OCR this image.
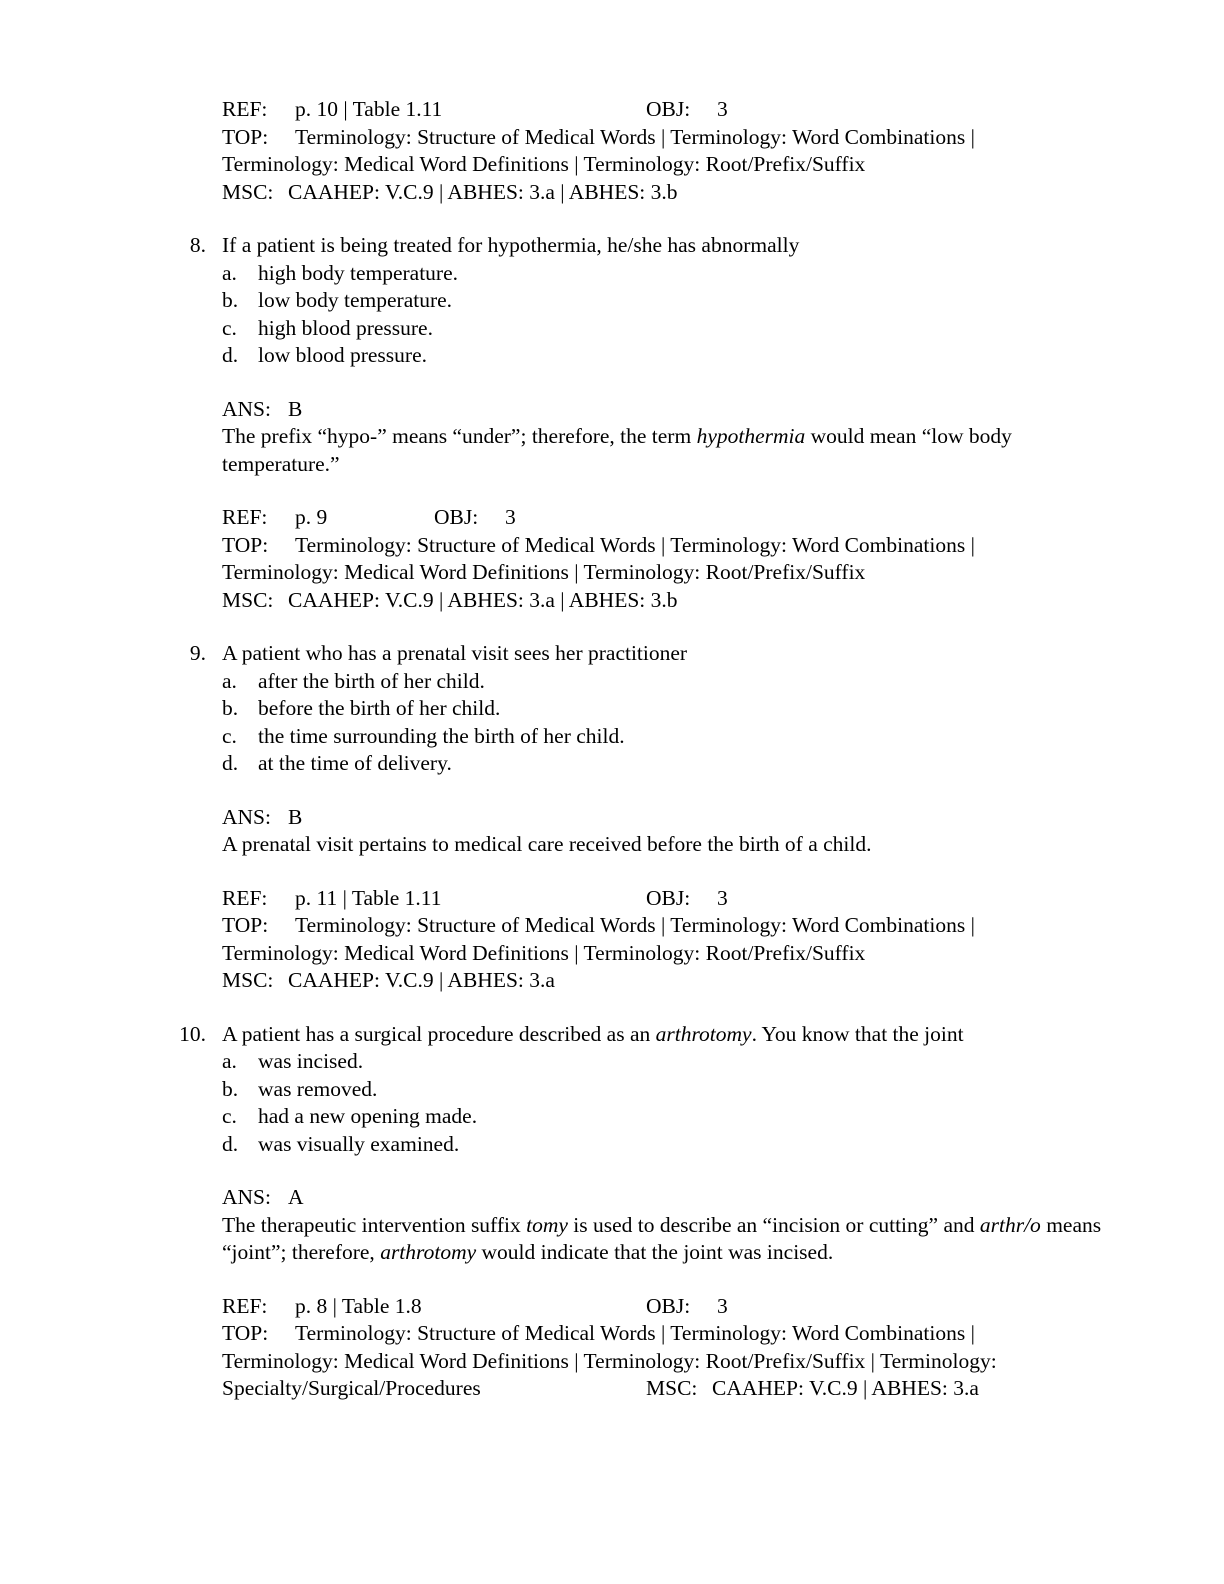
REF: p. 10 | Table 1.11	OBJ: 3
TOP: Terminology: Structure of Medical Words | Terminology: Word Combinations |
Terminology: Medical Word Definitions | Terminology: Root/Prefix/Suffix
MSC: CAAHEP: V.C.9 | ABHES: 3.a | ABHES: 3.b
8. If a patient is being treated for hypothermia, he/she has abnormally
a. high body temperature.
b. low body temperature.
c. high blood pressure.
d. low blood pressure.
ANS: B
The prefix “hypo-” means “under”; therefore, the term hypothermia would mean “low body temperature.”
REF: p. 9	OBJ: 3
TOP: Terminology: Structure of Medical Words | Terminology: Word Combinations |
Terminology: Medical Word Definitions | Terminology: Root/Prefix/Suffix
MSC: CAAHEP: V.C.9 | ABHES: 3.a | ABHES: 3.b
9. A patient who has a prenatal visit sees her practitioner
a. after the birth of her child.
b. before the birth of her child.
c. the time surrounding the birth of her child.
d. at the time of delivery.
ANS: B
A prenatal visit pertains to medical care received before the birth of a child.
REF: p. 11 | Table 1.11	OBJ: 3
TOP: Terminology: Structure of Medical Words | Terminology: Word Combinations |
Terminology: Medical Word Definitions | Terminology: Root/Prefix/Suffix
MSC: CAAHEP: V.C.9 | ABHES: 3.a
10. A patient has a surgical procedure described as an arthrotomy. You know that the joint
a. was incised.
b. was removed.
c. had a new opening made.
d. was visually examined.
ANS: A
The therapeutic intervention suffix tomy is used to describe an “incision or cutting” and arthr/o means “joint”; therefore, arthrotomy would indicate that the joint was incised.
REF: p. 8 | Table 1.8	OBJ: 3
TOP: Terminology: Structure of Medical Words | Terminology: Word Combinations |
Terminology: Medical Word Definitions | Terminology: Root/Prefix/Suffix | Terminology:
Specialty/Surgical/Procedures	MSC: CAAHEP: V.C.9 | ABHES: 3.a
